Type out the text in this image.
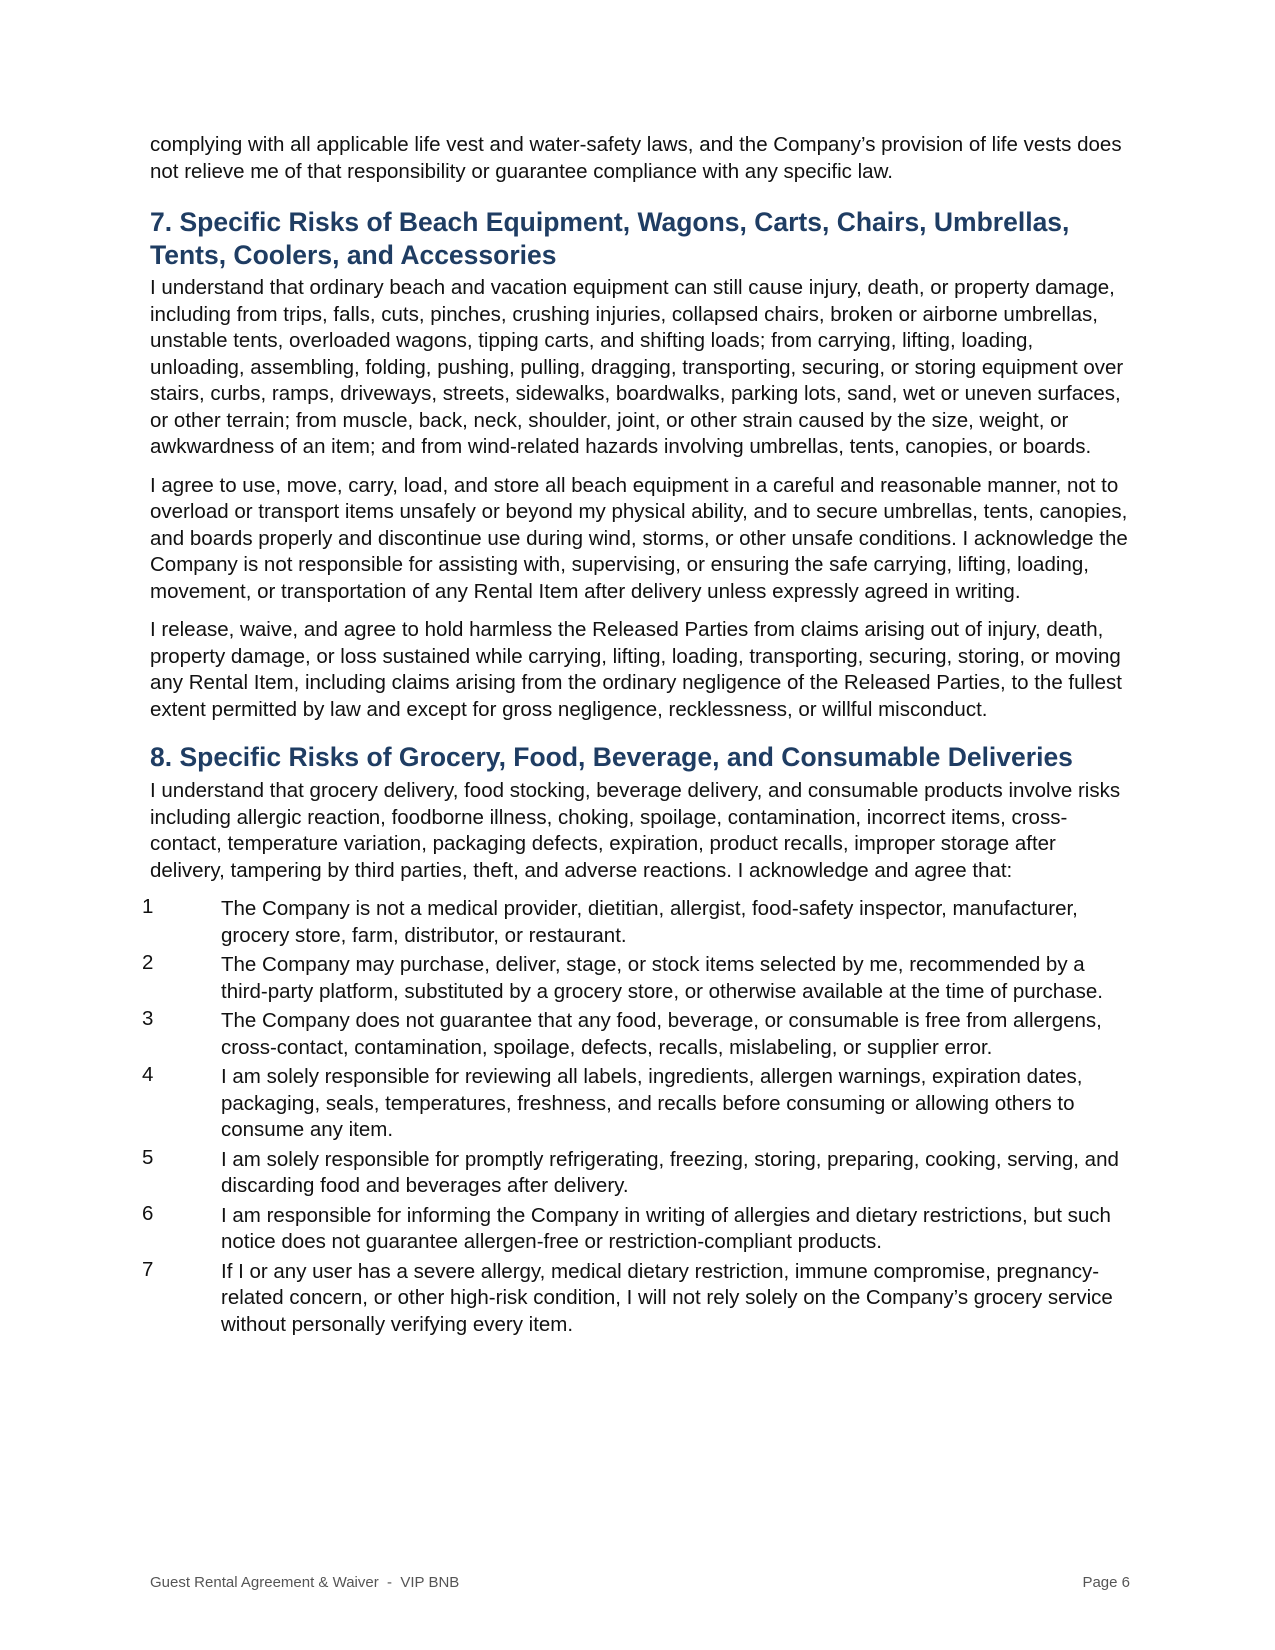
complying with all applicable life vest and water-safety laws, and the Company’s provision of life vests does not relieve me of that responsibility or guarantee compliance with any specific law.

7. Specific Risks of Beach Equipment, Wagons, Carts, Chairs, Umbrellas, Tents, Coolers, and Accessories

I understand that ordinary beach and vacation equipment can still cause injury, death, or property damage, including from trips, falls, cuts, pinches, crushing injuries, collapsed chairs, broken or airborne umbrellas, unstable tents, overloaded wagons, tipping carts, and shifting loads; from carrying, lifting, loading, unloading, assembling, folding, pushing, pulling, dragging, transporting, securing, or storing equipment over stairs, curbs, ramps, driveways, streets, sidewalks, boardwalks, parking lots, sand, wet or uneven surfaces, or other terrain; from muscle, back, neck, shoulder, joint, or other strain caused by the size, weight, or awkwardness of an item; and from wind-related hazards involving umbrellas, tents, canopies, or boards.

I agree to use, move, carry, load, and store all beach equipment in a careful and reasonable manner, not to overload or transport items unsafely or beyond my physical ability, and to secure umbrellas, tents, canopies, and boards properly and discontinue use during wind, storms, or other unsafe conditions. I acknowledge the Company is not responsible for assisting with, supervising, or ensuring the safe carrying, lifting, loading, movement, or transportation of any Rental Item after delivery unless expressly agreed in writing.

I release, waive, and agree to hold harmless the Released Parties from claims arising out of injury, death, property damage, or loss sustained while carrying, lifting, loading, transporting, securing, storing, or moving any Rental Item, including claims arising from the ordinary negligence of the Released Parties, to the fullest extent permitted by law and except for gross negligence, recklessness, or willful misconduct.

8. Specific Risks of Grocery, Food, Beverage, and Consumable Deliveries

I understand that grocery delivery, food stocking, beverage delivery, and consumable products involve risks including allergic reaction, foodborne illness, choking, spoilage, contamination, incorrect items, cross-contact, temperature variation, packaging defects, expiration, product recalls, improper storage after delivery, tampering by third parties, theft, and adverse reactions. I acknowledge and agree that:

1	The Company is not a medical provider, dietitian, allergist, food-safety inspector, manufacturer, grocery store, farm, distributor, or restaurant.
2	The Company may purchase, deliver, stage, or stock items selected by me, recommended by a third-party platform, substituted by a grocery store, or otherwise available at the time of purchase.
3	The Company does not guarantee that any food, beverage, or consumable is free from allergens, cross-contact, contamination, spoilage, defects, recalls, mislabeling, or supplier error.
4	I am solely responsible for reviewing all labels, ingredients, allergen warnings, expiration dates, packaging, seals, temperatures, freshness, and recalls before consuming or allowing others to consume any item.
5	I am solely responsible for promptly refrigerating, freezing, storing, preparing, cooking, serving, and discarding food and beverages after delivery.
6	I am responsible for informing the Company in writing of allergies and dietary restrictions, but such notice does not guarantee allergen-free or restriction-compliant products.
7	If I or any user has a severe allergy, medical dietary restriction, immune compromise, pregnancy-related concern, or other high-risk condition, I will not rely solely on the Company’s grocery service without personally verifying every item.
Guest Rental Agreement & Waiver  -  VIP BNB	Page 6
